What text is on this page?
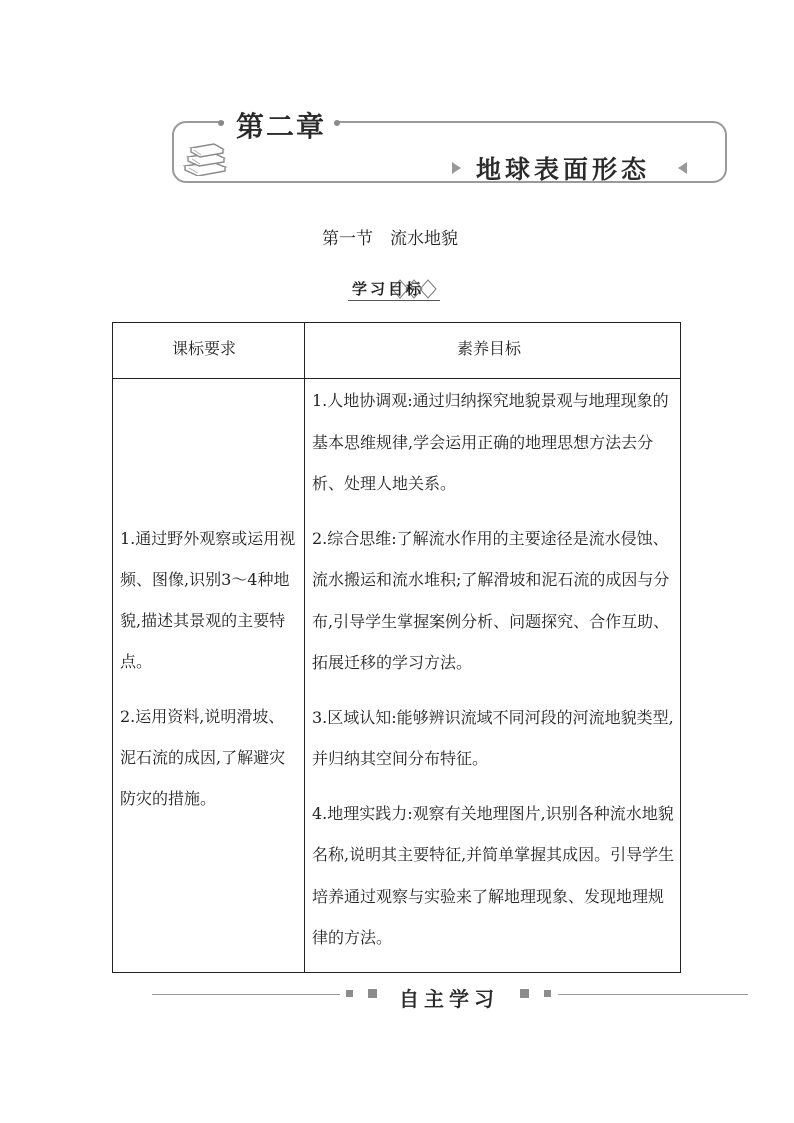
第二章
地球表面形态
第一节　流水地貌
学习目标
课标要求	素养目标

1.通过野外观察或运用视频、图像,识别3～4种地貌,描述其景观的主要特点。

2.运用资料,说明滑坡、泥石流的成因,了解避灾防灾的措施。

1.人地协调观:通过归纳探究地貌景观与地理现象的基本思维规律,学会运用正确的地理思想方法去分析、处理人地关系。

2.综合思维:了解流水作用的主要途径是流水侵蚀、流水搬运和流水堆积;了解滑坡和泥石流的成因与分布,引导学生掌握案例分析、问题探究、合作互助、拓展迁移的学习方法。

3.区域认知:能够辨识流域不同河段的河流地貌类型,并归纳其空间分布特征。

4.地理实践力:观察有关地理图片,识别各种流水地貌名称,说明其主要特征,并简单掌握其成因。引导学生培养通过观察与实验来了解地理现象、发现地理规律的方法。

自主学习
